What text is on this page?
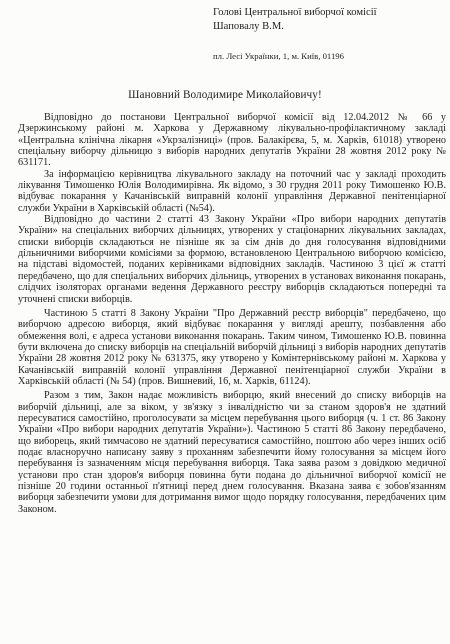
Голові Центральної виборчої комісії
Шаповалу В.М.
пл. Лесі Українки, 1, м. Київ, 01196
Шановний Володимире Миколайовичу!

Відповідно до постанови Центральної виборчої комісії від 12.04.2012 № 66 у Дзержинському районі м. Харкова у Державному лікувально-профілактичному закладі «Центральна клінічна лікарня «Укрзалізниці» (пров. Балакірєва, 5, м. Харків, 61018) утворено спеціальну виборчу дільницю з виборів народних депутатів України 28 жовтня 2012 року № 631171.

За інформацією керівництва лікувального закладу на поточний час у закладі проходить лікування Тимошенко Юлія Володимирівна. Як відомо, з 30 грудня 2011 року Тимошенко Ю.В. відбуває покарання у Качанівській виправній колонії управління Державної пенітенціарної служби України в Харківській області (№54).

Відповідно до частини 2 статті 43 Закону України «Про вибори народних депутатів України» на спеціальних виборчих дільницях, утворених у стаціонарних лікувальних закладах, списки виборців складаються не пізніше як за сім днів до дня голосування відповідними дільничними виборчими комісіями за формою, встановленою Центральною виборчою комісією, на підставі відомостей, поданих керівниками відповідних закладів. Частиною 3 цієї ж статті передбачено, що для спеціальних виборчих дільниць, утворених в установах виконання покарань, слідчих ізоляторах органами ведення Державного реєстру виборців складаються попередні та уточнені списки виборців.

Частиною 5 статті 8 Закону України "Про Державний реєстр виборців" передбачено, що виборчою адресою виборця, який відбуває покарання у вигляді арешту, позбавлення або обмеження волі, є адреса установи виконання покарань. Таким чином, Тимошенко Ю.В. повинна бути включена до списку виборців на спеціальній виборчій дільниці з виборів народних депутатів України 28 жовтня 2012 року № 631375, яку утворено у Комінтернівському районі м. Харкова у Качанівській виправній колонії управління Державної пенітенціарної служби України в Харківській області (№ 54) (пров. Вишневий, 16, м. Харків, 61124).

Разом з тим, Закон надає можливість виборцю, який внесений до списку виборців на виборчій дільниці, але за віком, у зв'язку з інвалідністю чи за станом здоров'я не здатний пересуватися самостійно, проголосувати за місцем перебування цього виборця (ч. 1 ст. 86 Закону України «Про вибори народних депутатів України»). Частиною 5 статті 86 Закону передбачено, що виборець, який тимчасово не здатний пересуватися самостійно, поштою або через інших осіб подає власноручно написану заяву з проханням забезпечити йому голосування за місцем його перебування із зазначенням місця перебування виборця. Така заява разом з довідкою медичної установи про стан здоров'я виборця повинна бути подана до дільничної виборчої комісії не пізніше 20 години останньої п'ятниці перед днем голосування. Вказана заява є зобов'язанням виборця забезпечити умови для дотримання вимог щодо порядку голосування, передбачених цим Законом.
